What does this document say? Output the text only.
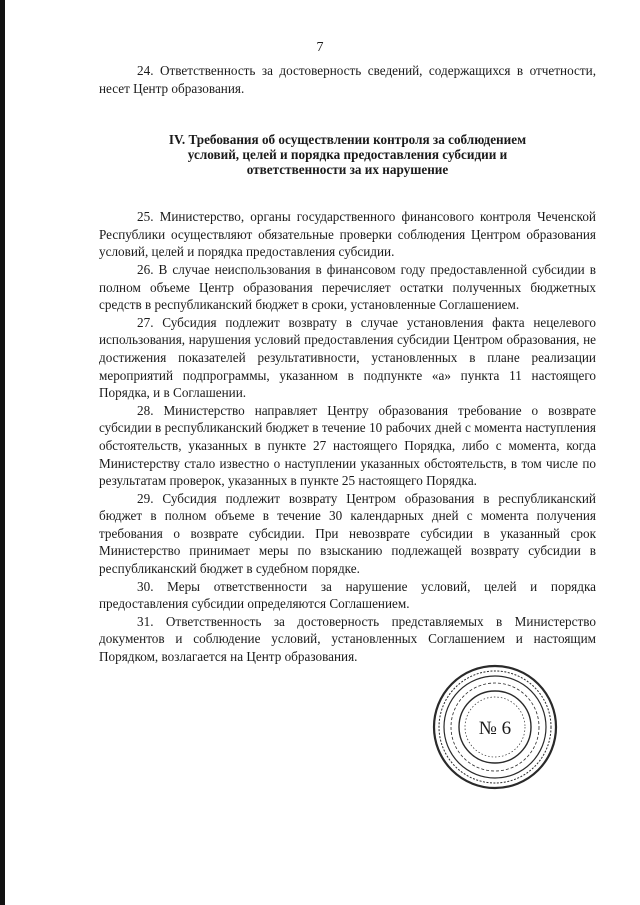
7

24. Ответственность за достоверность сведений, содержащихся в отчетности, несет Центр образования.

IV. Требования об осуществлении контроля за соблюдением
условий, целей и порядка предоставления субсидии и
ответственности за их нарушение

25. Министерство, органы государственного финансового контроля Чеченской Республики осуществляют обязательные проверки соблюдения Центром образования условий, целей и порядка предоставления субсидии.

26. В случае неиспользования в финансовом году предоставленной субсидии в полном объеме Центр образования перечисляет остатки полученных бюджетных средств в республиканский бюджет в сроки, установленные Соглашением.

27. Субсидия подлежит возврату в случае установления факта нецелевого использования, нарушения условий предоставления субсидии Центром образования, не достижения показателей результативности, установленных в плане реализации мероприятий подпрограммы, указанном в подпункте «а» пункта 11 настоящего Порядка, и в Соглашении.

28. Министерство направляет Центру образования требование о возврате субсидии в республиканский бюджет в течение 10 рабочих дней с момента наступления обстоятельств, указанных в пункте 27 настоящего Порядка, либо с момента, когда Министерству стало известно о наступлении указанных обстоятельств, в том числе по результатам проверок, указанных в пункте 25 настоящего Порядка.

29. Субсидия подлежит возврату Центром образования в республиканский бюджет в полном объеме в течение 30 календарных дней с момента получения требования о возврате субсидии. При невозврате субсидии в указанный срок Министерство принимает меры по взысканию подлежащей возврату субсидии в республиканский бюджет в судебном порядке.

30. Меры ответственности за нарушение условий, целей и порядка предоставления субсидии определяются Соглашением.

31. Ответственность за достоверность представляемых в Министерство документов и соблюдение условий, установленных Соглашением и настоящим Порядком, возлагается на Центр образования.

№ 6
